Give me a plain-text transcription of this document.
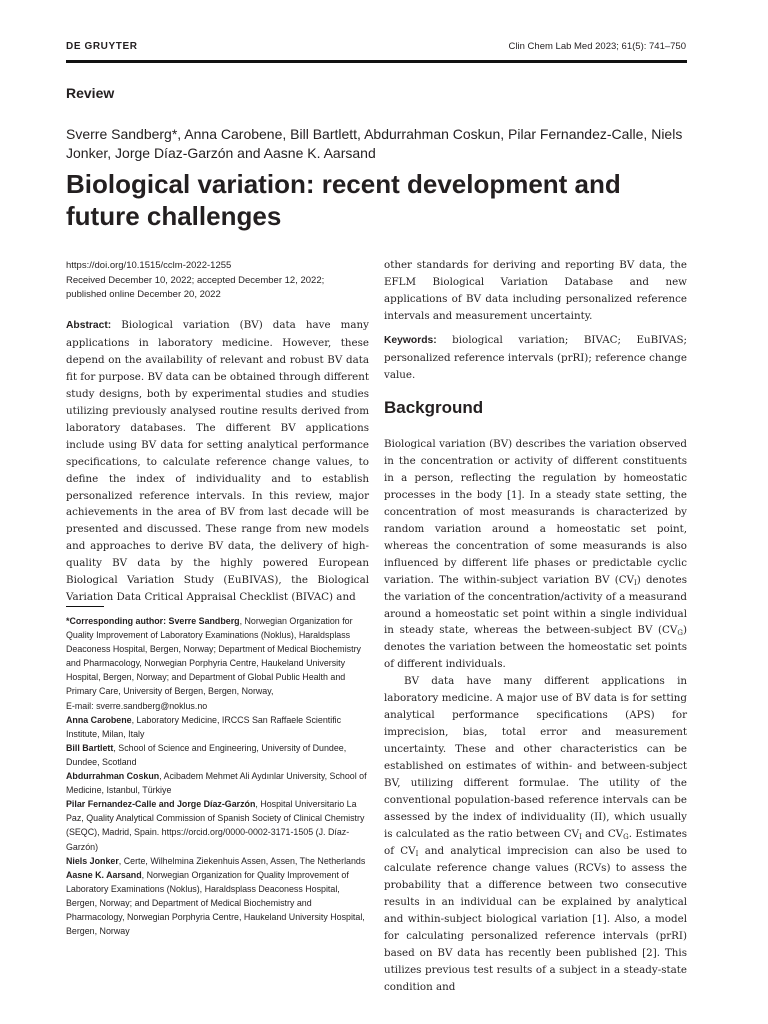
DE GRUYTER	Clin Chem Lab Med 2023; 61(5): 741–750
Review
Sverre Sandberg*, Anna Carobene, Bill Bartlett, Abdurrahman Coskun, Pilar Fernandez-Calle, Niels Jonker, Jorge Díaz-Garzón and Aasne K. Aarsand
Biological variation: recent development and future challenges
https://doi.org/10.1515/cclm-2022-1255
Received December 10, 2022; accepted December 12, 2022;
published online December 20, 2022
Abstract: Biological variation (BV) data have many applications in laboratory medicine. However, these depend on the availability of relevant and robust BV data fit for purpose. BV data can be obtained through different study designs, both by experimental studies and studies utilizing previously analysed routine results derived from laboratory databases. The different BV applications include using BV data for setting analytical performance specifications, to calculate reference change values, to define the index of individuality and to establish personalized reference intervals. In this review, major achievements in the area of BV from last decade will be presented and discussed. These range from new models and approaches to derive BV data, the delivery of high-quality BV data by the highly powered European Biological Variation Study (EuBIVAS), the Biological Variation Data Critical Appraisal Checklist (BIVAC) and

*Corresponding author: Sverre Sandberg, Norwegian Organization for Quality Improvement of Laboratory Examinations (Noklus), Haraldsplass Deaconess Hospital, Bergen, Norway; Department of Medical Biochemistry and Pharmacology, Norwegian Porphyria Centre, Haukeland University Hospital, Bergen, Norway; and Department of Global Public Health and Primary Care, University of Bergen, Bergen, Norway,

E-mail: sverre.sandberg@noklus.no

Anna Carobene, Laboratory Medicine, IRCCS San Raffaele Scientific Institute, Milan, Italy

Bill Bartlett, School of Science and Engineering, University of Dundee, Dundee, Scotland

Abdurrahman Coskun, Acibadem Mehmet Ali Aydınlar University, School of Medicine, Istanbul, Türkiye

Pilar Fernandez-Calle and Jorge Díaz-Garzón, Hospital Universitario La Paz, Quality Analytical Commission of Spanish Society of Clinical Chemistry (SEQC), Madrid, Spain. https://orcid.org/0000-0002-3171-1505 (J. Díaz-Garzón)

Niels Jonker, Certe, Wilhelmina Ziekenhuis Assen, Assen, The Netherlands

Aasne K. Aarsand, Norwegian Organization for Quality Improvement of Laboratory Examinations (Noklus), Haraldsplass Deaconess Hospital, Bergen, Norway; and Department of Medical Biochemistry and Pharmacology, Norwegian Porphyria Centre, Haukeland University Hospital, Bergen, Norway

other standards for deriving and reporting BV data, the EFLM Biological Variation Database and new applications of BV data including personalized reference intervals and measurement uncertainty.
Keywords: biological variation; BIVAC; EuBIVAS; personalized reference intervals (prRI); reference change value.
Background

Biological variation (BV) describes the variation observed in the concentration or activity of different constituents in a person, reflecting the regulation by homeostatic processes in the body [1]. In a steady state setting, the concentration of most measurands is characterized by random variation around a homeostatic set point, whereas the concentration of some measurands is also influenced by different life phases or predictable cyclic variation. The within-subject variation BV $(CV_I)$ denotes the variation of the concentration/activity of a measurand around a homeostatic set point within a single individual in steady state, whereas the between-subject BV $(CV_G)$ denotes the variation between the homeostatic set points of different individuals.

BV data have many different applications in laboratory medicine. A major use of BV data is for setting analytical performance specifications (APS) for imprecision, bias, total error and measurement uncertainty. These and other characteristics can be established on estimates of within- and between-subject BV, utilizing different formulae. The utility of the conventional population-based reference intervals can be assessed by the index of individuality (II), which usually is calculated as the ratio between $CV_I$ and $CV_G$. Estimates of $CV_I$ and analytical imprecision can also be used to calculate reference change values (RCVs) to assess the probability that a difference between two consecutive results in an individual can be explained by analytical and within-subject biological variation [1]. Also, a model for calculating personalized reference intervals (prRI) based on BV data has recently been published [2]. This utilizes previous test results of a subject in a steady-state condition and
